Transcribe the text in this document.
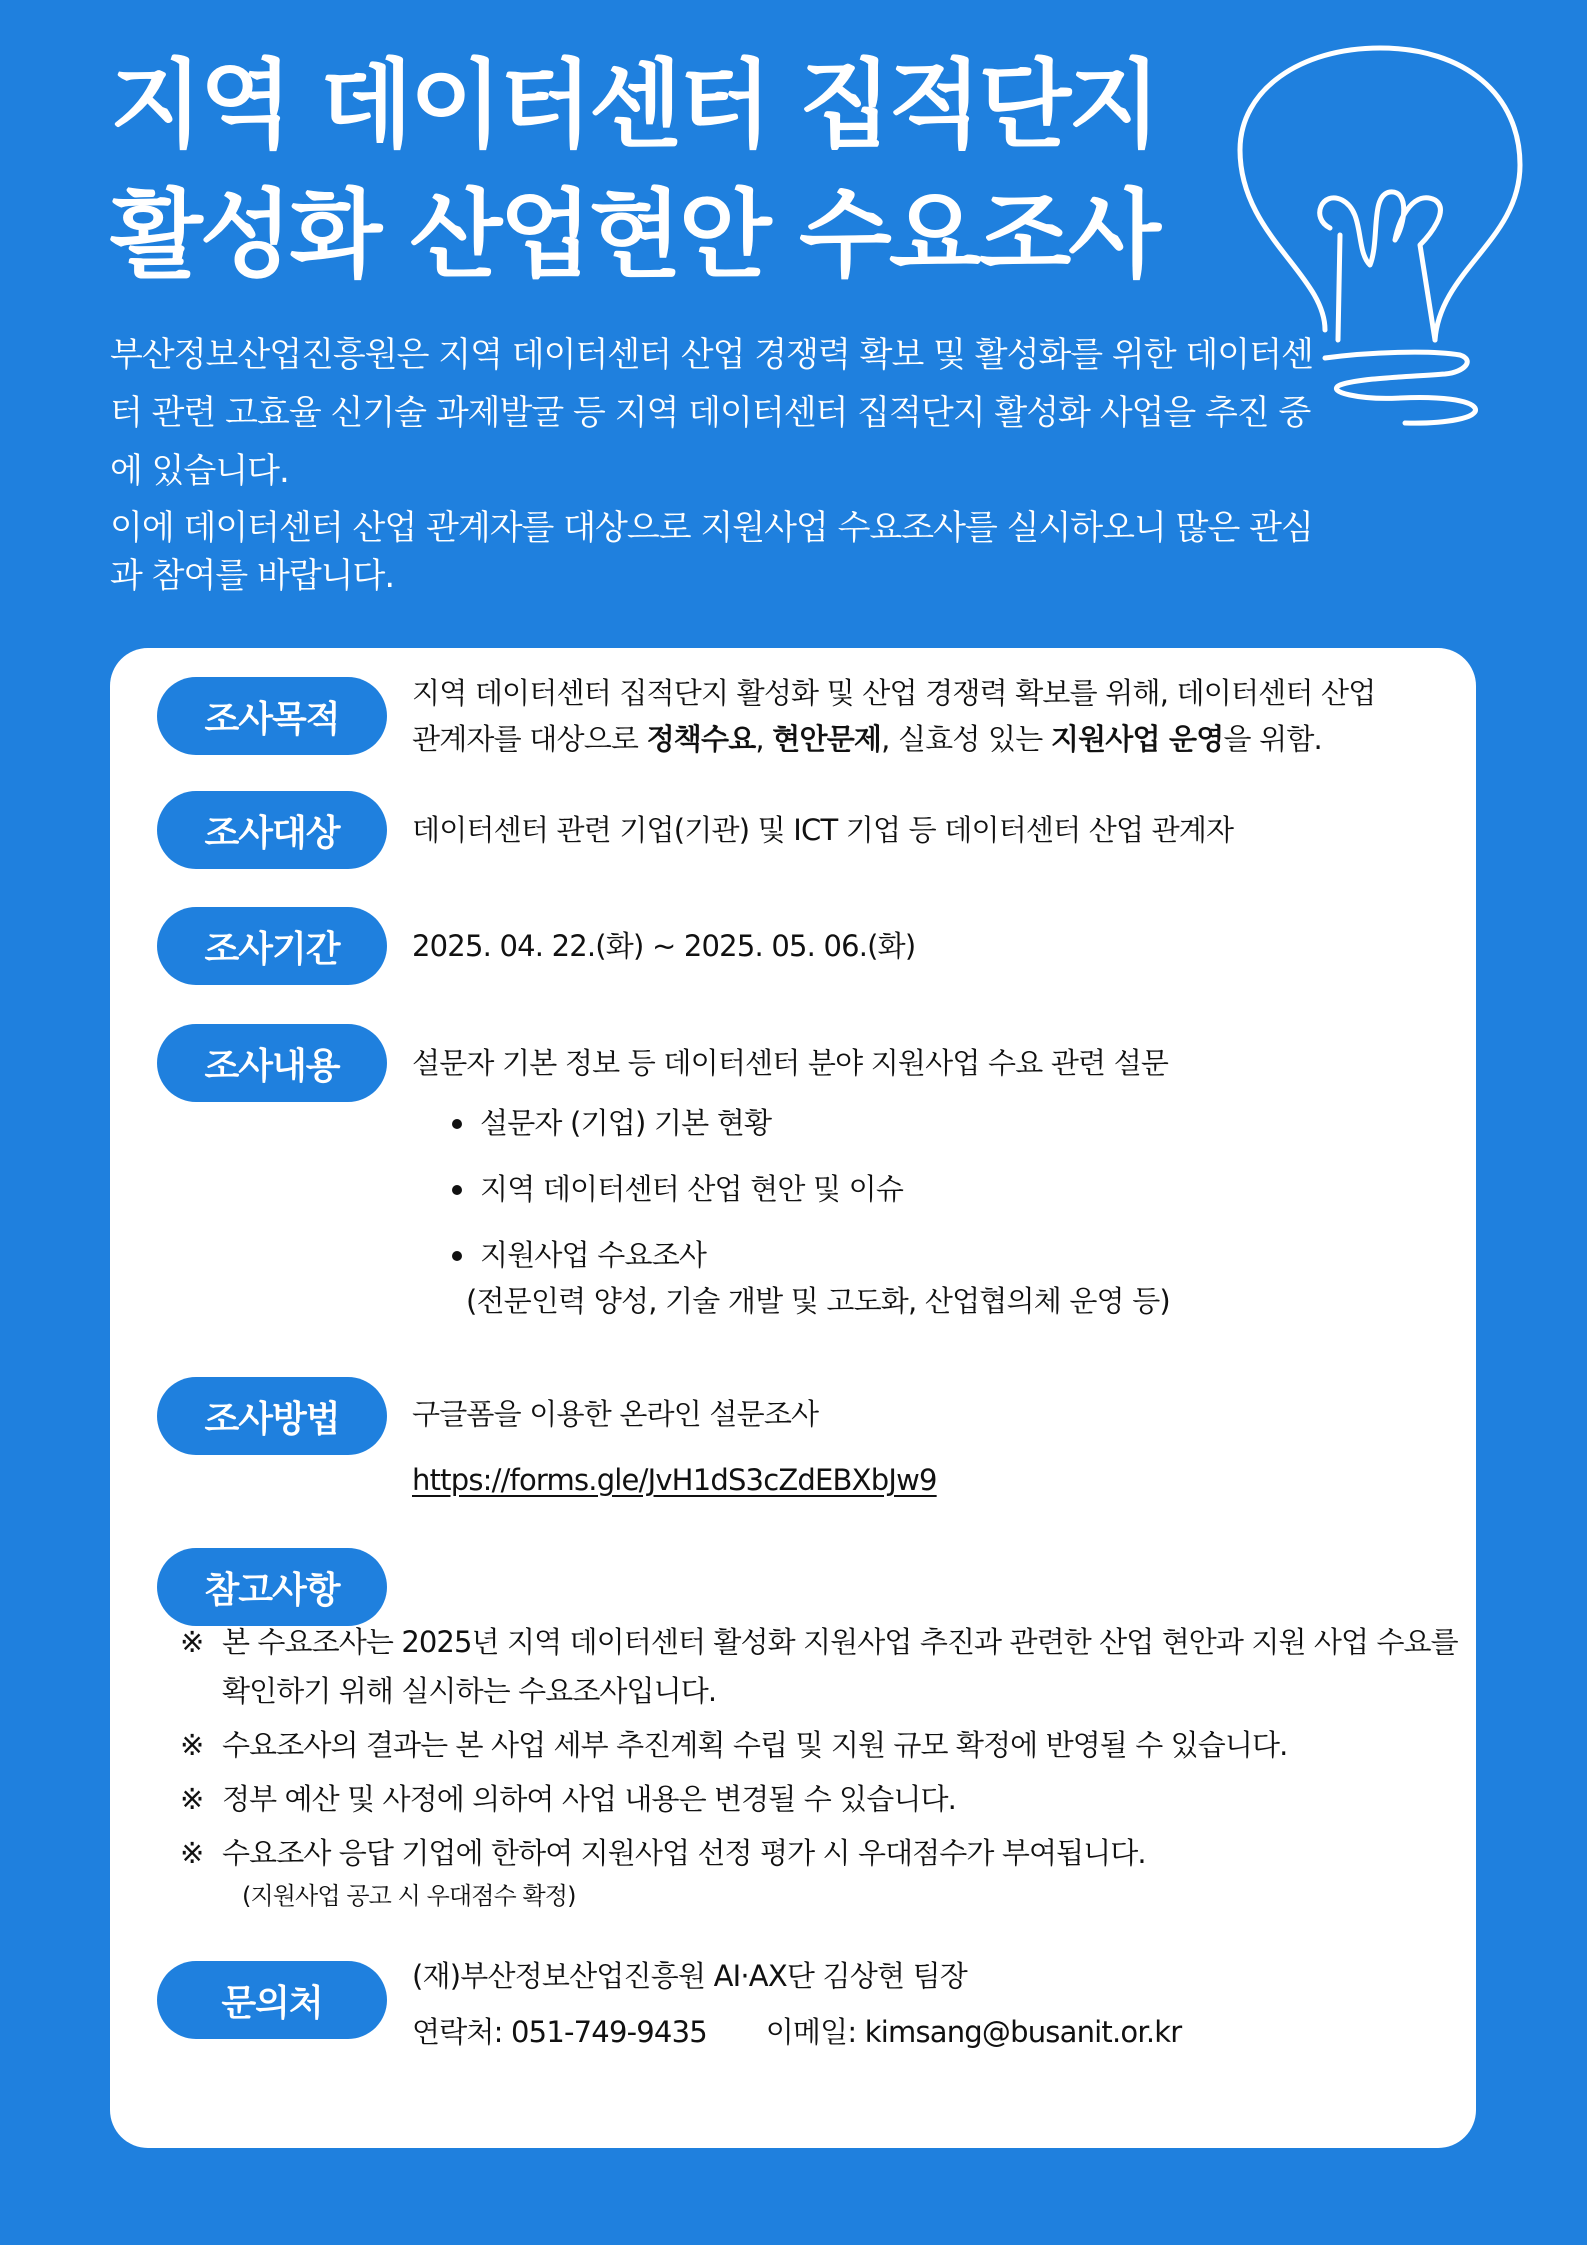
지역 데이터센터 집적단지
활성화 산업현안 수요조사

부산정보산업진흥원은 지역 데이터센터 산업 경쟁력 확보 및 활성화를 위한 데이터센터 관련 고효율 신기술 과제발굴 등 지역 데이터센터 집적단지 활성화 사업을 추진 중에 있습니다.

이에 데이터센터 산업 관계자를 대상으로 지원사업 수요조사를 실시하오니 많은 관심과 참여를 바랍니다.

조사목적
지역 데이터센터 집적단지 활성화 및 산업 경쟁력 확보를 위해, 데이터센터 산업
관계자를 대상으로 정책수요, 현안문제, 실효성 있는 지원사업 운영을 위함.
조사대상	데이터센터 관련 기업(기관) 및 ICT 기업 등 데이터센터 산업 관계자
조사기간	2025. 04. 22.(화) ~ 2025. 05. 06.(화)
조사내용	설문자 기본 정보 등 데이터센터 분야 지원사업 수요 관련 설문
설문자 (기업) 기본 현황
지역 데이터센터 산업 현안 및 이슈
지원사업 수요조사
(전문인력 양성, 기술 개발 및 고도화, 산업협의체 운영 등)
조사방법	구글폼을 이용한 온라인 설문조사
https://forms.gle/JvH1dS3cZdEBXbJw9
참고사항
※ 본 수요조사는 2025년 지역 데이터센터 활성화 지원사업 추진과 관련한 산업 현안과 지원 사업 수요를 확인하기 위해 실시하는 수요조사입니다.
※ 수요조사의 결과는 본 사업 세부 추진계획 수립 및 지원 규모 확정에 반영될 수 있습니다.
※ 정부 예산 및 사정에 의하여 사업 내용은 변경될 수 있습니다.
※ 수요조사 응답 기업에 한하여 지원사업 선정 평가 시 우대점수가 부여됩니다.
(지원사업 공고 시 우대점수 확정)
문의처
(재)부산정보산업진흥원 AI·AX단 김상현 팀장
연락처: 051-749-9435 이메일: kimsang@busanit.or.kr
